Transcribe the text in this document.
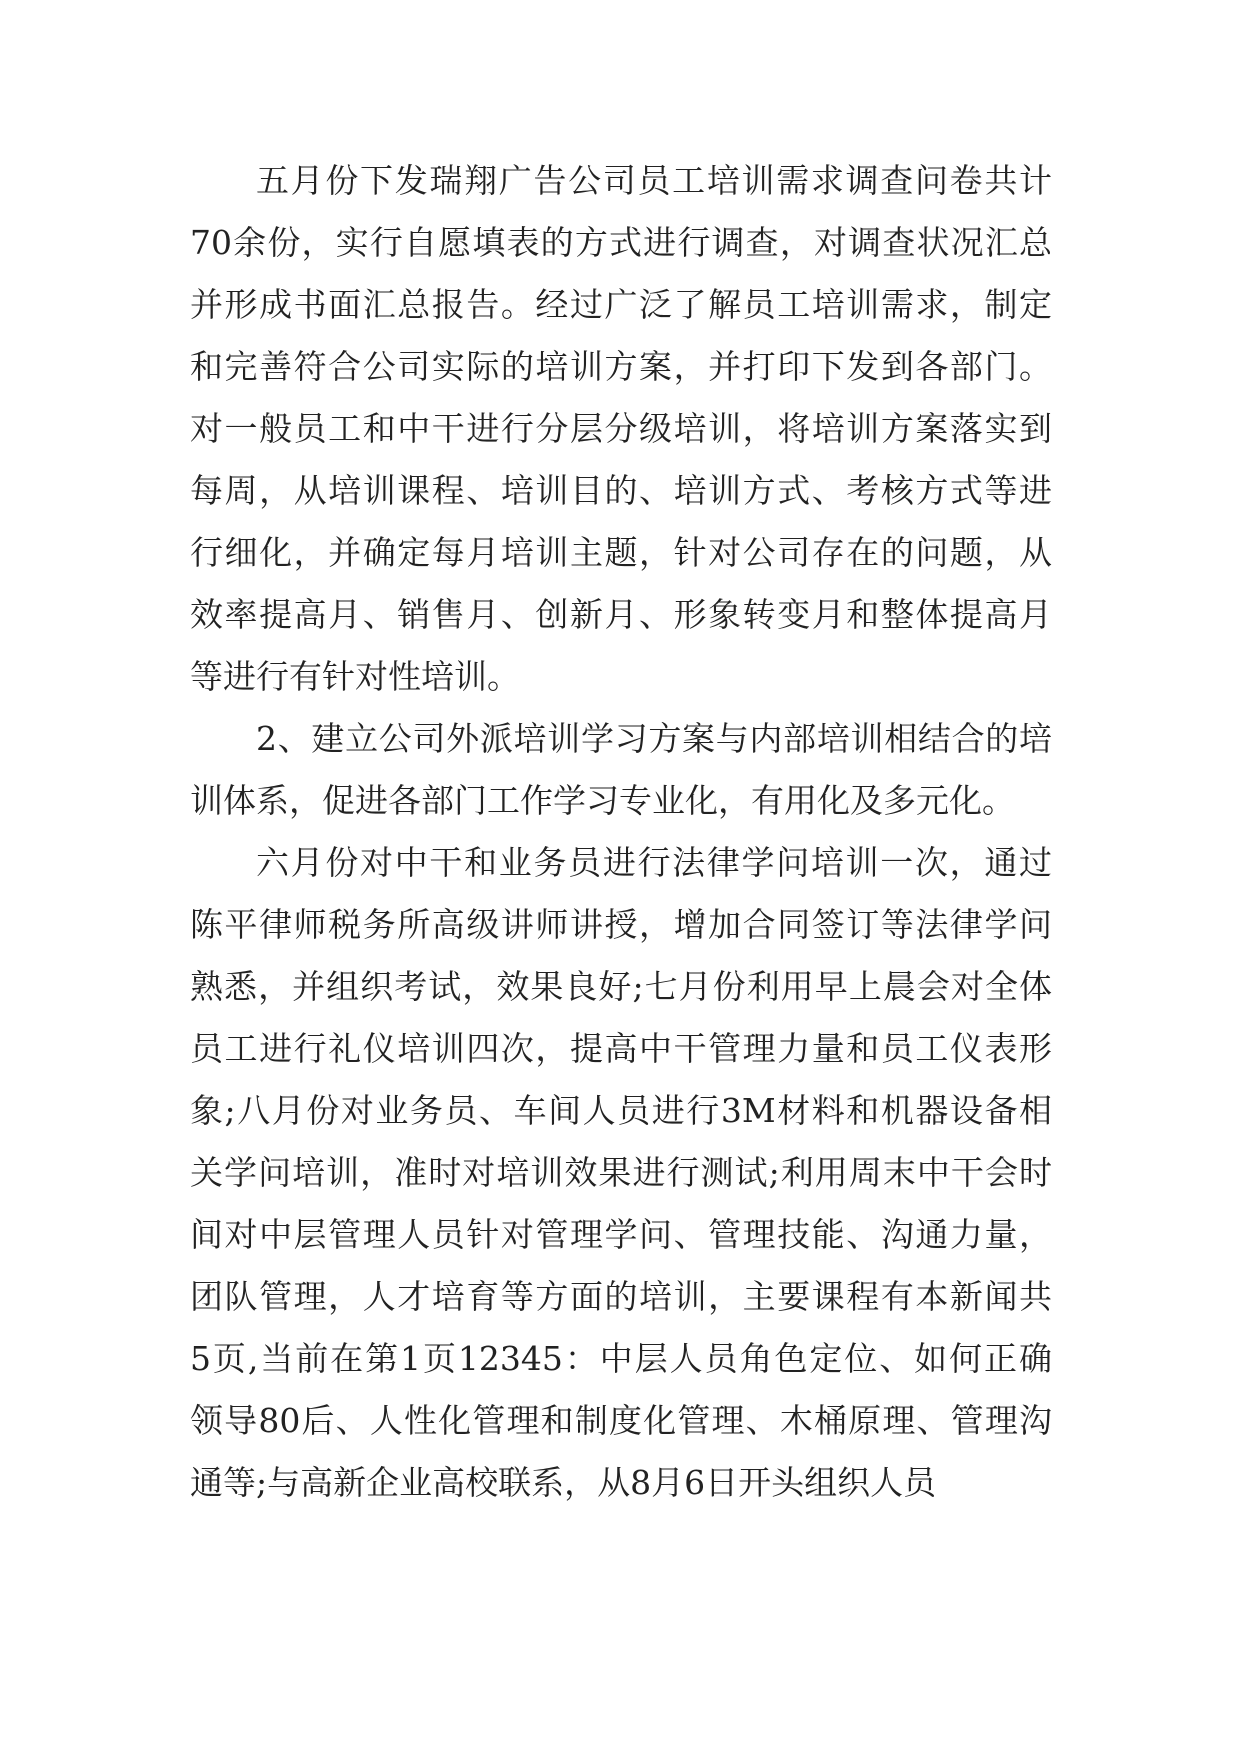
五月份下发瑞翔广告公司员工培训需求调查问卷共计
70余份，实行自愿填表的方式进行调查，对调查状况汇总
并形成书面汇总报告。经过广泛了解员工培训需求，制定
和完善符合公司实际的培训方案，并打印下发到各部门。
对一般员工和中干进行分层分级培训，将培训方案落实到
每周，从培训课程、培训目的、培训方式、考核方式等进
行细化，并确定每月培训主题，针对公司存在的问题，从
效率提高月、销售月、创新月、形象转变月和整体提高月
等进行有针对性培训。
2、建立公司外派培训学习方案与内部培训相结合的培
训体系，促进各部门工作学习专业化，有用化及多元化。
六月份对中干和业务员进行法律学问培训一次，通过
陈平律师税务所高级讲师讲授，增加合同签订等法律学问
熟悉，并组织考试，效果良好;七月份利用早上晨会对全体
员工进行礼仪培训四次，提高中干管理力量和员工仪表形
象;八月份对业务员、车间人员进行3M材料和机器设备相
关学问培训，准时对培训效果进行测试;利用周末中干会时
间对中层管理人员针对管理学问、管理技能、沟通力量，
团队管理，人才培育等方面的培训，主要课程有本新闻共
5页,当前在第1页12345：中层人员角色定位、如何正确
领导80后、人性化管理和制度化管理、木桶原理、管理沟
通等;与高新企业高校联系，从8月6日开头组织人员
